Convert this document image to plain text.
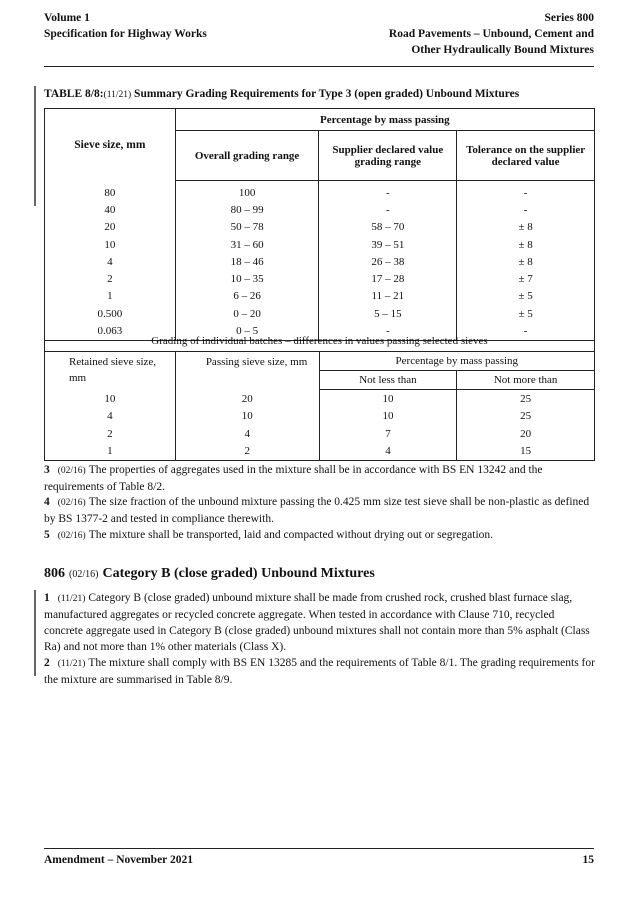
Volume 1
Specification for Highway Works
Series 800
Road Pavements – Unbound, Cement and
Other Hydraulically Bound Mixtures
TABLE 8/8:(11/21) Summary Grading Requirements for Type 3 (open graded) Unbound Mixtures
Sieve size, mm	Percentage by mass passing		
	Overall grading range	Supplier declared value grading range	Tolerance on the supplier declared value

80	100	-	-
40	80 – 99	-	-
20	50 – 78	58 – 70	± 8
10	31 – 60	39 – 51	± 8
4	18 – 46	26 – 38	± 8
2	10 – 35	17 – 28	± 7
1	6 – 26	11 – 21	± 5
0.500	0 – 20	5 – 15	± 5
0.063	0 – 5	-	-
Grading of individual batches – differences in values passing selected sieves			
Retained sieve size, mm	Passing sieve size, mm	Percentage by mass passing	
		Not less than	Not more than

10	20	10	25
4	10	10	25
2	4	7	20
1	2	4	15
3 (02/16) The properties of aggregates used in the mixture shall be in accordance with BS EN 13242 and the requirements of Table 8/2.
4 (02/16) The size fraction of the unbound mixture passing the 0.425 mm size test sieve shall be non-plastic as defined by BS 1377-2 and tested in compliance therewith.
5 (02/16) The mixture shall be transported, laid and compacted without drying out or segregation.
806 (02/16) Category B (close graded) Unbound Mixtures
1 (11/21) Category B (close graded) unbound mixture shall be made from crushed rock, crushed blast furnace slag, manufactured aggregates or recycled concrete aggregate. When tested in accordance with Clause 710, recycled concrete aggregate used in Category B (close graded) unbound mixtures shall not contain more than 5% asphalt (Class Ra) and not more than 1% other materials (Class X).
2 (11/21) The mixture shall comply with BS EN 13285 and the requirements of Table 8/1. The grading requirements for the mixture are summarised in Table 8/9.
Amendment – November 2021	15
